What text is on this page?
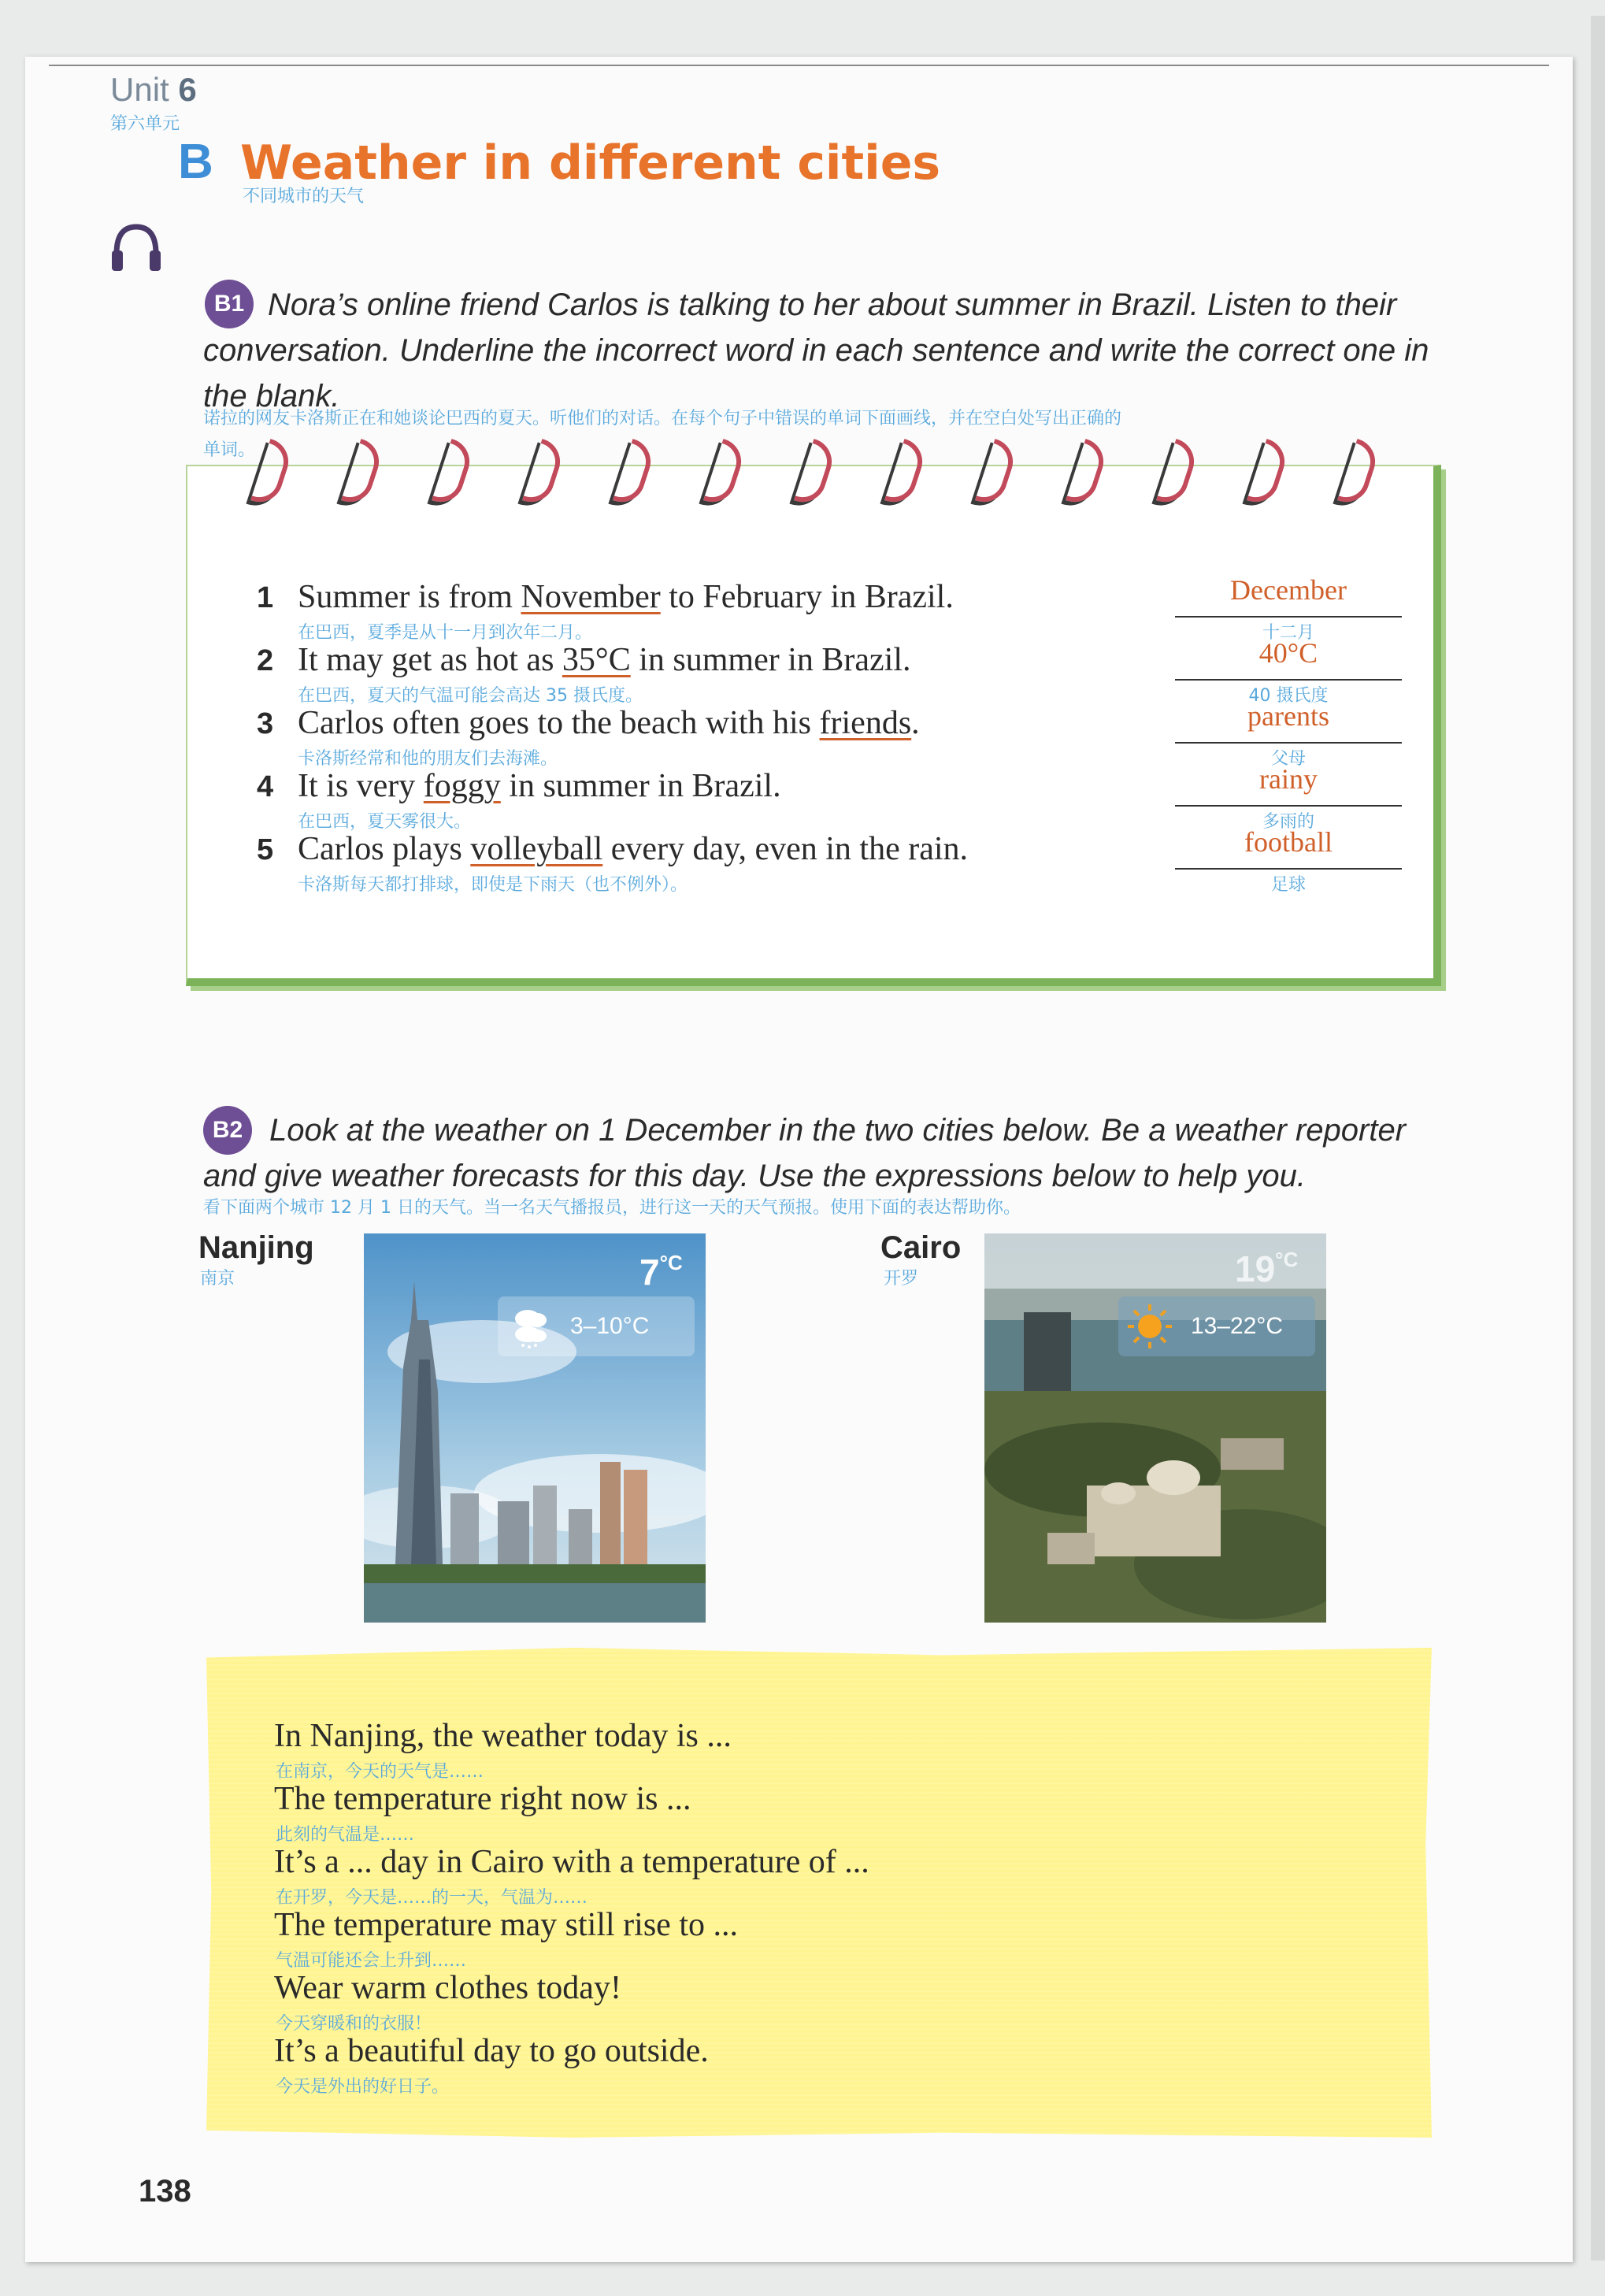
Unit 6
第六单元
B Weather in different cities
不同城市的天气
B1 Nora’s online friend Carlos is talking to her about summer in Brazil. Listen to their
conversation. Underline the incorrect word in each sentence and write the correct one in
the blank.
诺拉的网友卡洛斯正在和她谈论巴西的夏天。听他们的对话。在每个句子中错误的单词下面画线，并在空白处写出正确的
单词。
1 Summer is from November to February in Brazil.
在巴西，夏季是从十一月到次年二月。
December
十二月
2 It may get as hot as 35°C in summer in Brazil.
在巴西，夏天的气温可能会高达 35 摄氏度。
40°C
40 摄氏度
3 Carlos often goes to the beach with his friends.
卡洛斯经常和他的朋友们去海滩。
parents
父母
4 It is very foggy in summer in Brazil.
在巴西，夏天雾很大。
rainy
多雨的
5 Carlos plays volleyball every day, even in the rain.
卡洛斯每天都打排球，即使是下雨天（也不例外）。
football
足球
B2 Look at the weather on 1 December in the two cities below. Be a weather reporter
and give weather forecasts for this day. Use the expressions below to help you.
看下面两个城市 12 月 1 日的天气。当一名天气播报员，进行这一天的天气预报。使用下面的表达帮助你。
Nanjing
南京	$7^{^\circ C}$
3–10°C
Cairo
开罗	$19^{^\circ C}$
13–22°C
In Nanjing, the weather today is ...
在南京，今天的天气是……
The temperature right now is ...
此刻的气温是……
It’s a ... day in Cairo with a temperature of ...
在开罗，今天是……的一天，气温为……
The temperature may still rise to ...
气温可能还会上升到……
Wear warm clothes today!
今天穿暖和的衣服！
It’s a beautiful day to go outside.
今天是外出的好日子。
138
